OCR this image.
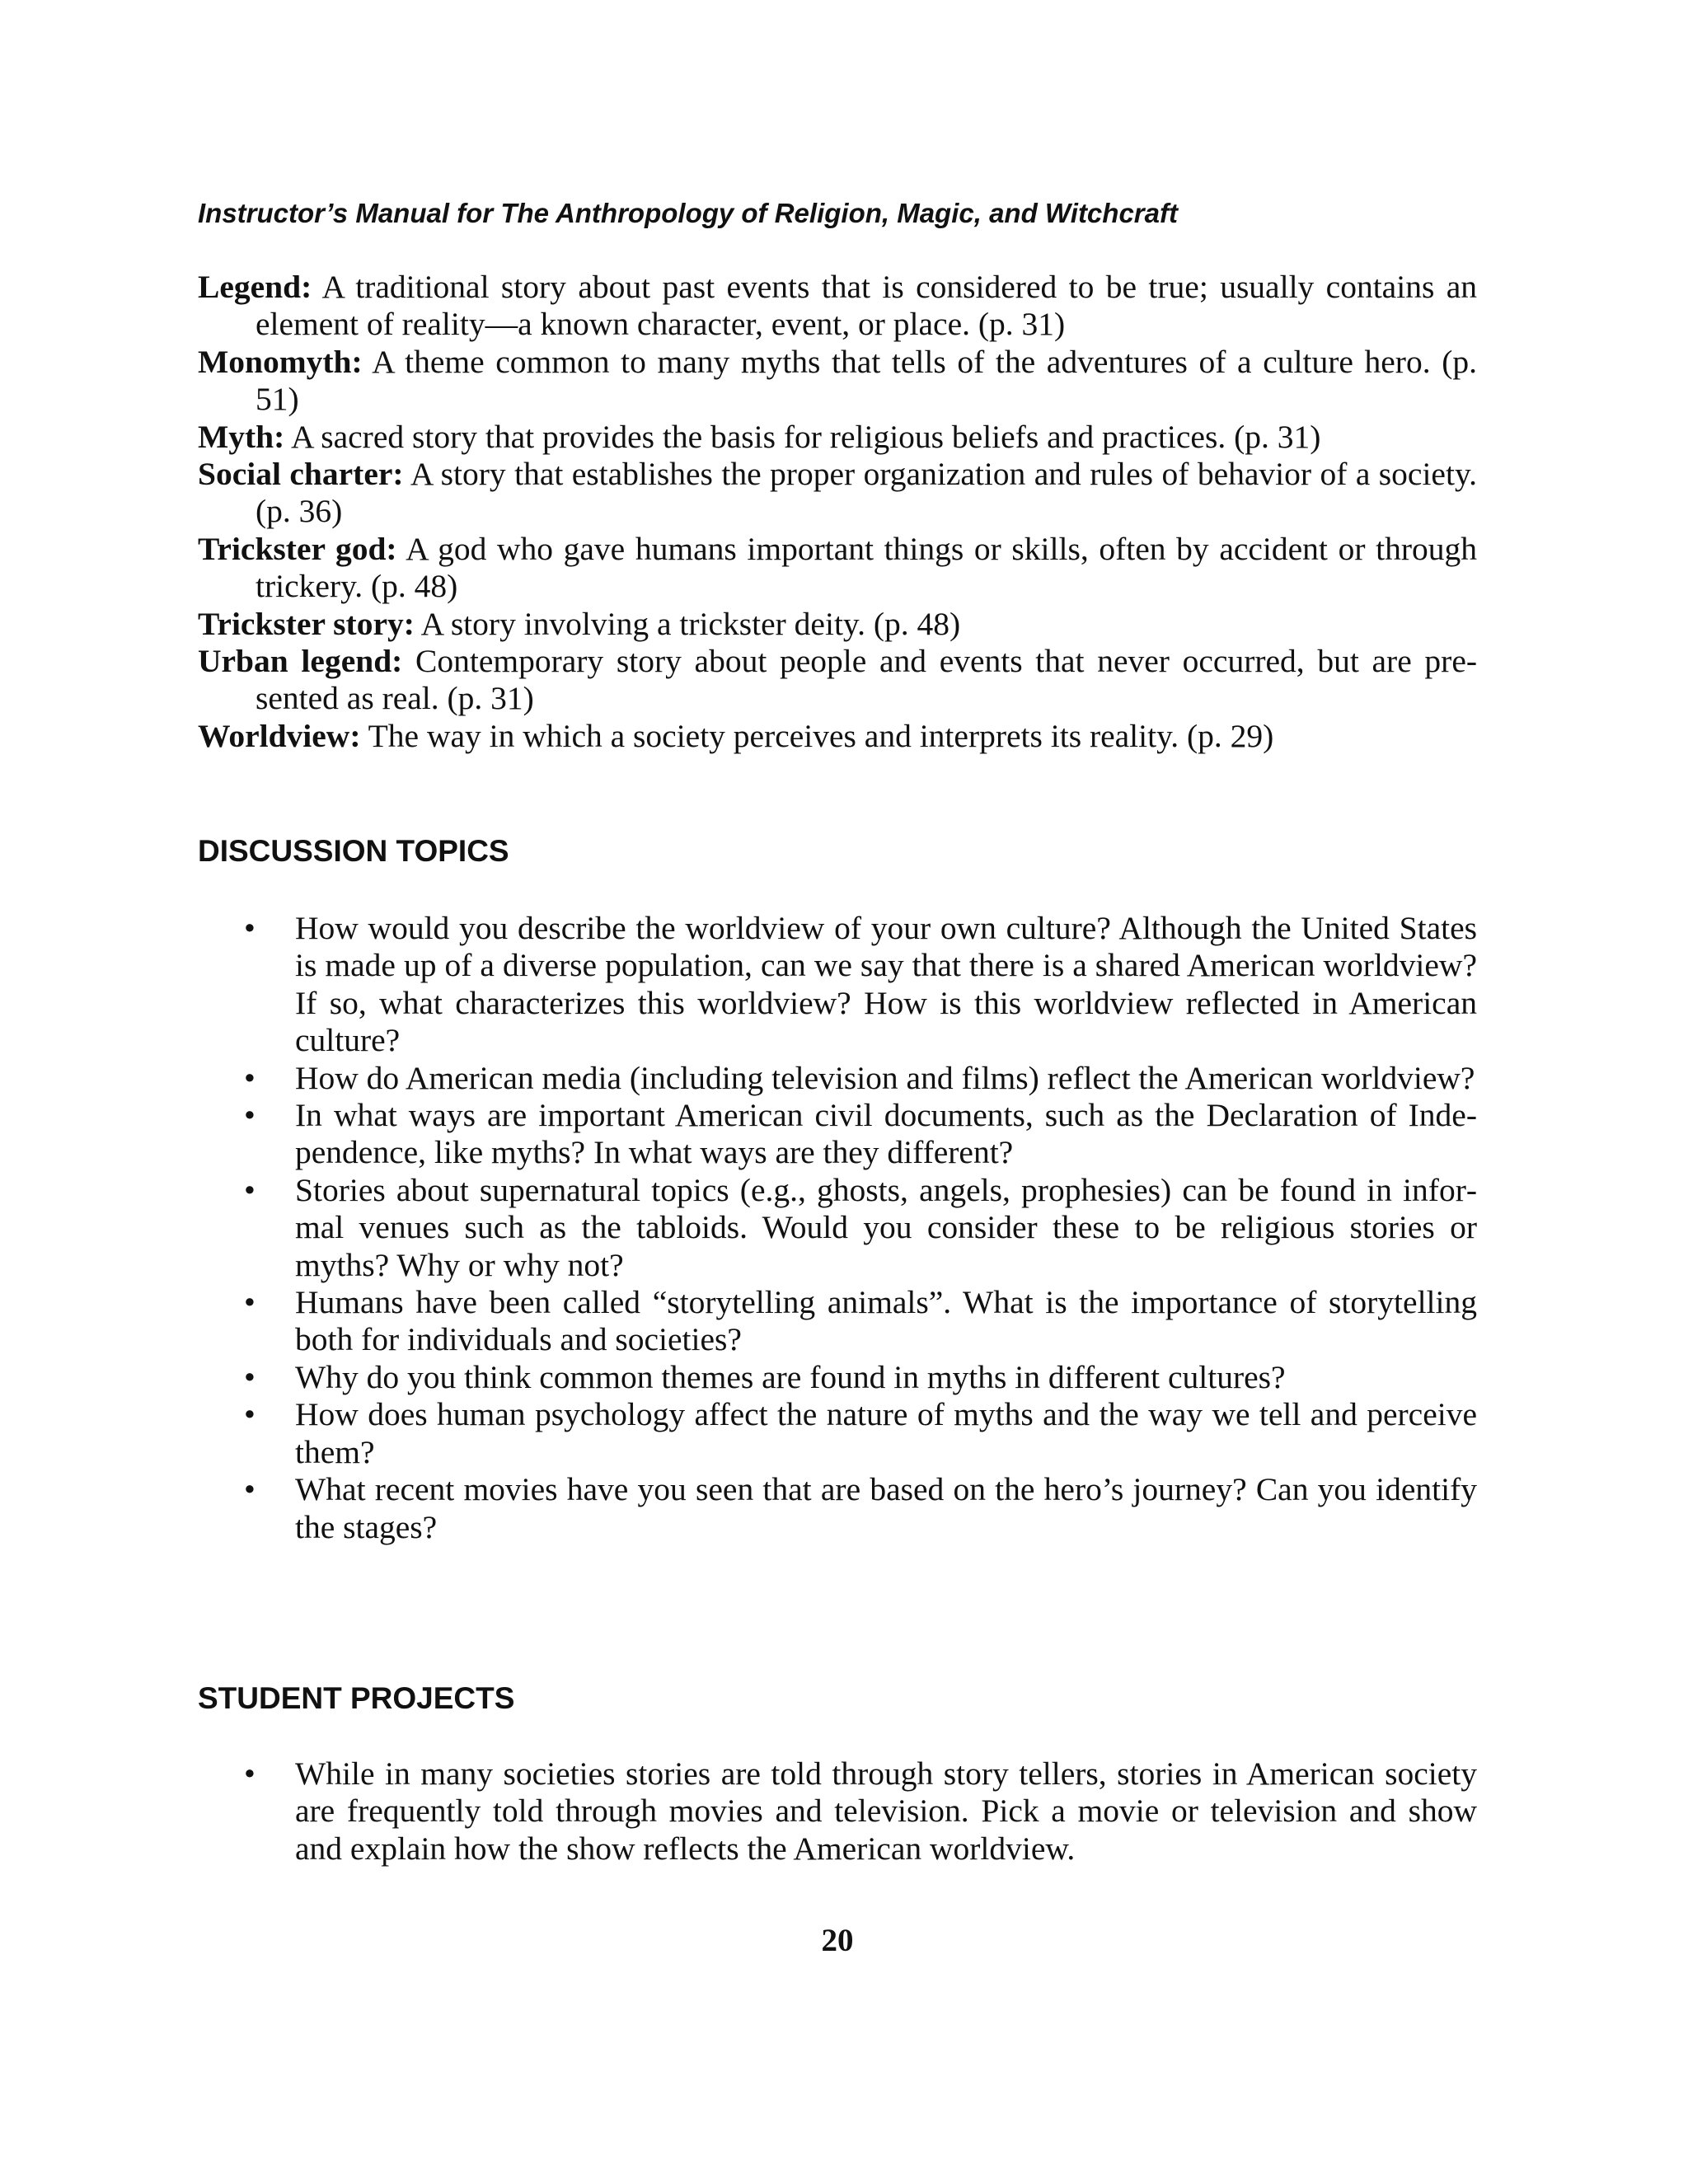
Instructor’s Manual for The Anthropology of Religion, Magic, and Witchcraft

Legend: A traditional story about past events that is considered to be true; usually contains an element of reality—a known character, event, or place. (p. 31)

Monomyth: A theme common to many myths that tells of the adventures of a culture hero. (p. 51)

Myth: A sacred story that provides the basis for religious beliefs and practices. (p. 31)

Social charter: A story that establishes the proper organization and rules of behavior of a society. (p. 36)

Trickster god: A god who gave humans important things or skills, often by accident or through trickery. (p. 48)

Trickster story: A story involving a trickster deity. (p. 48)

Urban legend: Contemporary story about people and events that never occurred, but are presented as real. (p. 31)

Worldview: The way in which a society perceives and interprets its reality. (p. 29)

DISCUSSION TOPICS
• How would you describe the worldview of your own culture? Although the United States is made up of a diverse population, can we say that there is a shared American worldview? If so, what characterizes this worldview? How is this worldview reflected in American culture?
• How do American media (including television and films) reflect the American worldview?
• In what ways are important American civil documents, such as the Declaration of Independence, like myths? In what ways are they different?
• Stories about supernatural topics (e.g., ghosts, angels, prophesies) can be found in informal venues such as the tabloids. Would you consider these to be religious stories or myths? Why or why not?
• Humans have been called “storytelling animals”. What is the importance of storytelling both for individuals and societies?
• Why do you think common themes are found in myths in different cultures?
• How does human psychology affect the nature of myths and the way we tell and perceive them?
• What recent movies have you seen that are based on the hero’s journey? Can you identify the stages?
STUDENT PROJECTS
• While in many societies stories are told through story tellers, stories in American society are frequently told through movies and television. Pick a movie or television and show and explain how the show reflects the American worldview.
20
